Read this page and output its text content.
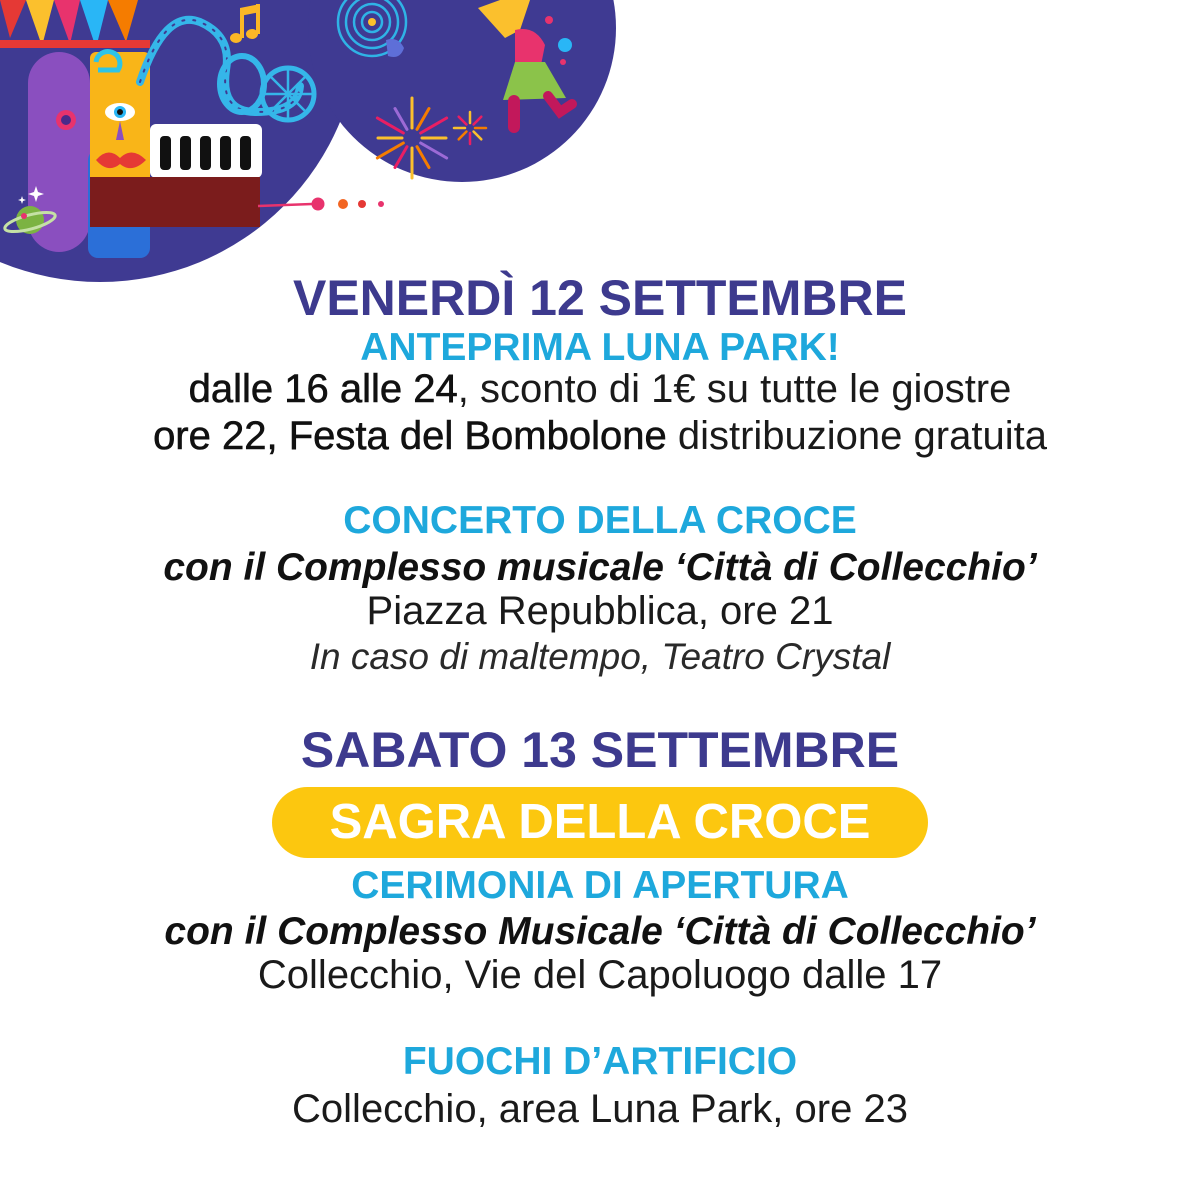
VENERDÌ 12 SETTEMBRE
ANTEPRIMA LUNA PARK!
dalle 16 alle 24, sconto di 1€ su tutte le giostre
ore 22, Festa del Bombolone distribuzione gratuita
CONCERTO DELLA CROCE
con il Complesso musicale ‘Città di Collecchio’
Piazza Repubblica, ore 21
In caso di maltempo, Teatro Crystal
SABATO 13 SETTEMBRE
SAGRA DELLA CROCE
CERIMONIA DI APERTURA
con il Complesso Musicale ‘Città di Collecchio’
Collecchio, Vie del Capoluogo dalle 17
FUOCHI D’ARTIFICIO
Collecchio, area Luna Park, ore 23
